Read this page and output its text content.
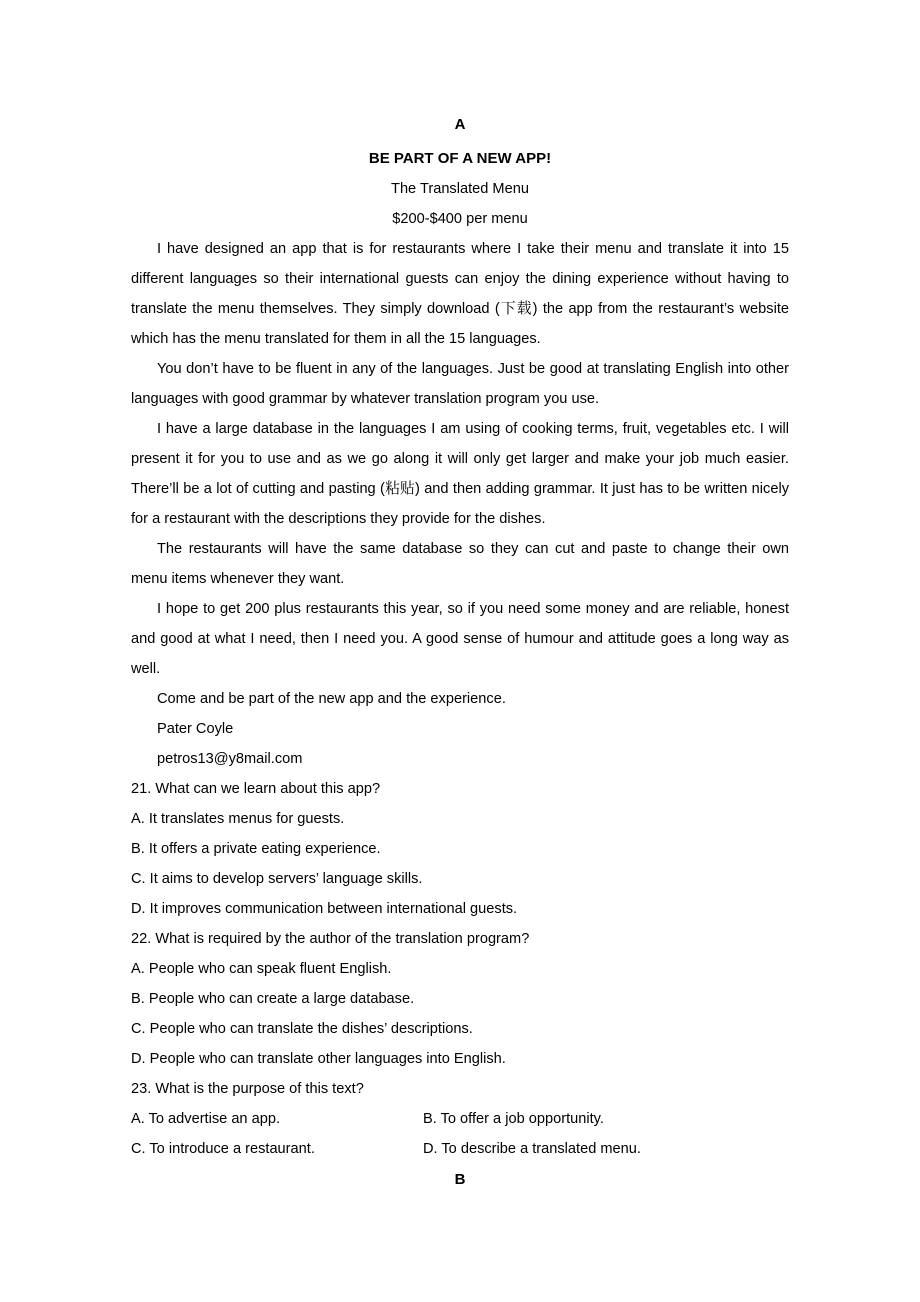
A
BE PART OF A NEW APP!
The Translated Menu
$200-$400 per menu
I have designed an app that is for restaurants where I take their menu and translate it into 15 different languages so their international guests can enjoy the dining experience without having to translate the menu themselves. They simply download (下载) the app from the restaurant’s website which has the menu translated for them in all the 15 languages.
You don’t have to be fluent in any of the languages. Just be good at translating English into other languages with good grammar by whatever translation program you use.
I have a large database in the languages I am using of cooking terms, fruit, vegetables etc. I will present it for you to use and as we go along it will only get larger and make your job much easier. There’ll be a lot of cutting and pasting (粘贴) and then adding grammar. It just has to be written nicely for a restaurant with the descriptions they provide for the dishes.
The restaurants will have the same database so they can cut and paste to change their own menu items whenever they want.
I hope to get 200 plus restaurants this year, so if you need some money and are reliable, honest and good at what I need, then I need you. A good sense of humour and attitude goes a long way as well.
Come and be part of the new app and the experience.
Pater Coyle
petros13@y8mail.com
21. What can we learn about this app?
A. It translates menus for guests.
B. It offers a private eating experience.
C. It aims to develop servers’ language skills.
D. It improves communication between international guests.
22. What is required by the author of the translation program?
A. People who can speak fluent English.
B. People who can create a large database.
C. People who can translate the dishes’ descriptions.
D. People who can translate other languages into English.
23. What is the purpose of this text?
A. To advertise an app.	B. To offer a job opportunity.
C. To introduce a restaurant.	D. To describe a translated menu.
B
